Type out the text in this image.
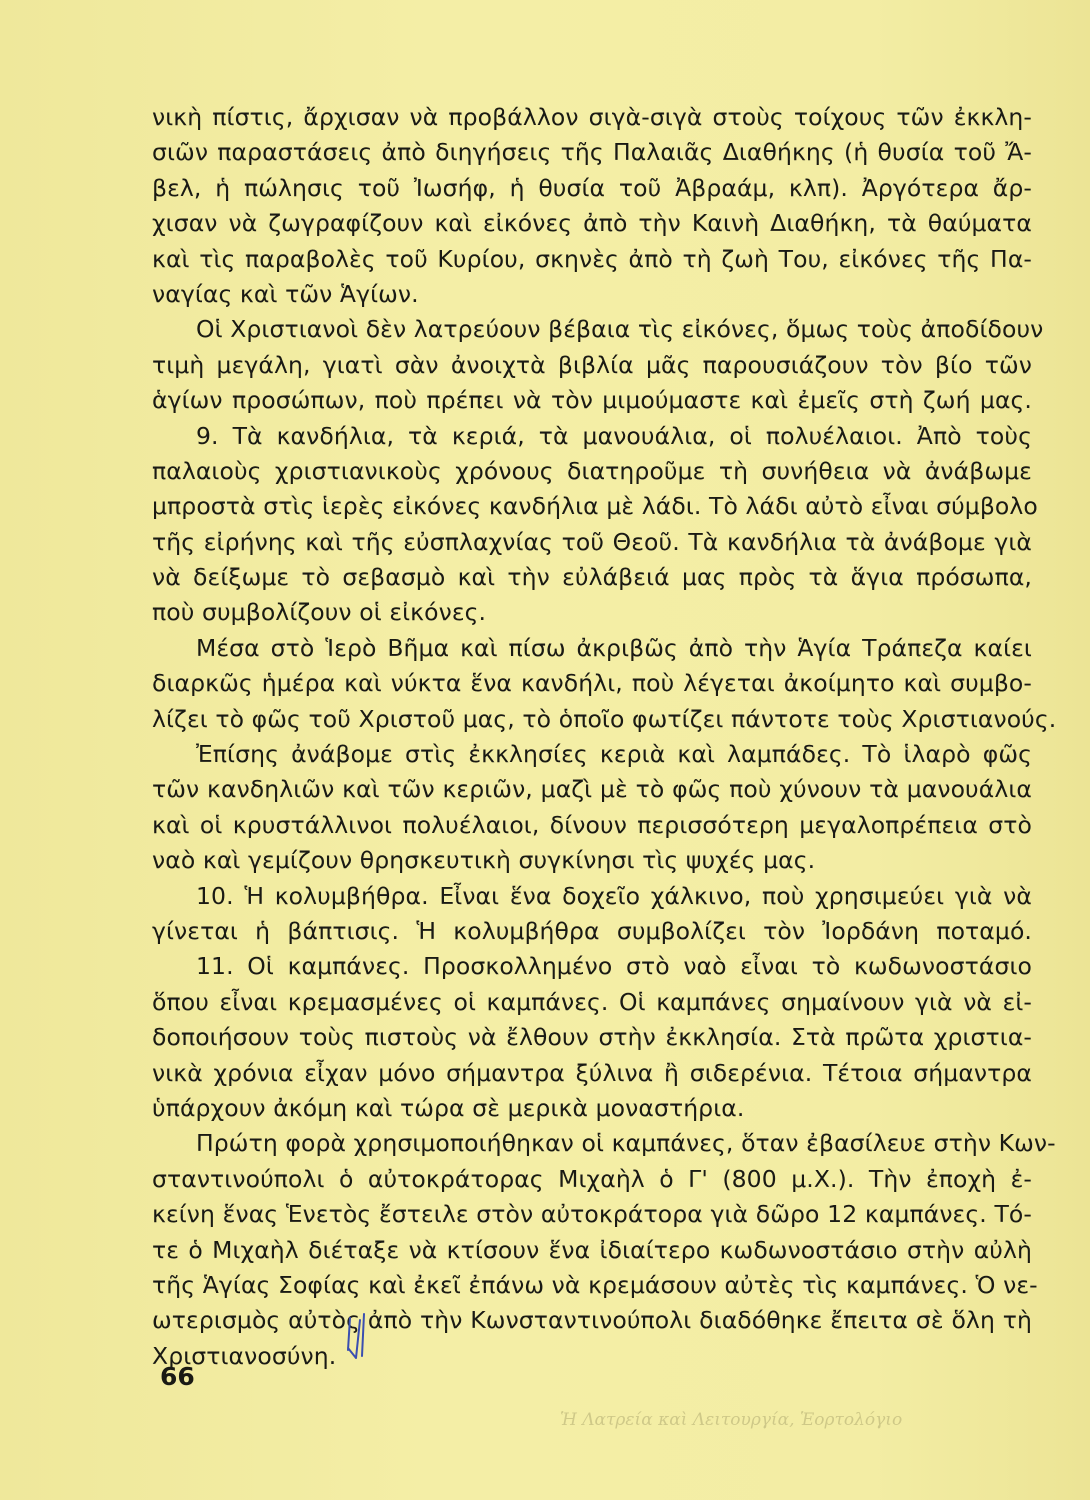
νικὴ πίστις, ἄρχισαν νὰ προβάλλον σιγὰ-σιγὰ στοὺς τοίχους τῶν ἐκκλη-
σιῶν παραστάσεις ἀπὸ διηγήσεις τῆς Παλαιᾶς Διαθήκης (ἡ θυσία τοῦ Ἄ-
βελ, ἡ πώλησις τοῦ Ἰωσήφ, ἡ θυσία τοῦ Ἀβραάμ, κλπ). Ἀργότερα ἄρ-
χισαν νὰ ζωγραφίζουν καὶ εἰκόνες ἀπὸ τὴν Καινὴ Διαθήκη, τὰ θαύματα
καὶ τὶς παραβολὲς τοῦ Κυρίου, σκηνὲς ἀπὸ τὴ ζωὴ Του, εἰκόνες τῆς Πα-
ναγίας καὶ τῶν Ἁγίων.
Οἱ Χριστιανοὶ δὲν λατρεύουν βέβαια τὶς εἰκόνες, ὅμως τοὺς ἀποδίδουν
τιμὴ μεγάλη, γιατὶ σὰν ἀνοιχτὰ βιβλία μᾶς παρουσιάζουν τὸν βίο τῶν
ἁγίων προσώπων, ποὺ πρέπει νὰ τὸν μιμούμαστε καὶ ἐμεῖς στὴ ζωή μας.
9. Τὰ κανδήλια, τὰ κεριά, τὰ μανουάλια, οἱ πολυέλαιοι. Ἀπὸ τοὺς
παλαιοὺς χριστιανικοὺς χρόνους διατηροῦμε τὴ συνήθεια νὰ ἀνάβωμε
μπροστὰ στὶς ἱερὲς εἰκόνες κανδήλια μὲ λάδι. Τὸ λάδι αὐτὸ εἶναι σύμβολο
τῆς εἰρήνης καὶ τῆς εὐσπλαχνίας τοῦ Θεοῦ. Τὰ κανδήλια τὰ ἀνάβομε γιὰ
νὰ δείξωμε τὸ σεβασμὸ καὶ τὴν εὐλάβειά μας πρὸς τὰ ἅγια πρόσωπα,
ποὺ συμβολίζουν οἱ εἰκόνες.
Μέσα στὸ Ἱερὸ Βῆμα καὶ πίσω ἀκριβῶς ἀπὸ τὴν Ἁγία Τράπεζα καίει
διαρκῶς ἡμέρα καὶ νύκτα ἕνα κανδήλι, ποὺ λέγεται ἀκοίμητο καὶ συμβο-
λίζει τὸ φῶς τοῦ Χριστοῦ μας, τὸ ὁποῖο φωτίζει πάντοτε τοὺς Χριστιανούς.
Ἐπίσης ἀνάβομε στὶς ἐκκλησίες κεριὰ καὶ λαμπάδες. Τὸ ἱλαρὸ φῶς
τῶν κανδηλιῶν καὶ τῶν κεριῶν, μαζὶ μὲ τὸ φῶς ποὺ χύνουν τὰ μανουάλια
καὶ οἱ κρυστάλλινοι πολυέλαιοι, δίνουν περισσότερη μεγαλοπρέπεια στὸ
ναὸ καὶ γεμίζουν θρησκευτικὴ συγκίνησι τὶς ψυχές μας.
10. Ἡ κολυμβήθρα. Εἶναι ἕνα δοχεῖο χάλκινο, ποὺ χρησιμεύει γιὰ νὰ
γίνεται ἡ βάπτισις. Ἡ κολυμβήθρα συμβολίζει τὸν Ἰορδάνη ποταμό.
11. Οἱ καμπάνες. Προσκολλημένο στὸ ναὸ εἶναι τὸ κωδωνοστάσιο
ὅπου εἶναι κρεμασμένες οἱ καμπάνες. Οἱ καμπάνες σημαίνουν γιὰ νὰ εἰ-
δοποιήσουν τοὺς πιστοὺς νὰ ἔλθουν στὴν ἐκκλησία. Στὰ πρῶτα χριστια-
νικὰ χρόνια εἶχαν μόνο σήμαντρα ξύλινα ἢ σιδερένια. Τέτοια σήμαντρα
ὑπάρχουν ἀκόμη καὶ τώρα σὲ μερικὰ μοναστήρια.
Πρώτη φορὰ χρησιμοποιήθηκαν οἱ καμπάνες, ὅταν ἐβασίλευε στὴν Κων-
σταντινούπολι ὁ αὐτοκράτορας Μιχαὴλ ὁ Γ' (800 μ.Χ.). Τὴν ἐποχὴ ἐ-
κείνη ἕνας Ἑνετὸς ἔστειλε στὸν αὐτοκράτορα γιὰ δῶρο 12 καμπάνες. Τό-
τε ὁ Μιχαὴλ διέταξε νὰ κτίσουν ἕνα ἰδιαίτερο κωδωνοστάσιο στὴν αὐλὴ
τῆς Ἁγίας Σοφίας καὶ ἐκεῖ ἐπάνω νὰ κρεμάσουν αὐτὲς τὶς καμπάνες. Ὁ νε-
ωτερισμὸς αὐτὸς ἀπὸ τὴν Κωνσταντινούπολι διαδόθηκε ἔπειτα σὲ ὅλη τὴ
Χριστιανοσύνη.
66
Ἡ Λατρεία καὶ Λειτουργία, Ἑορτολόγιο
